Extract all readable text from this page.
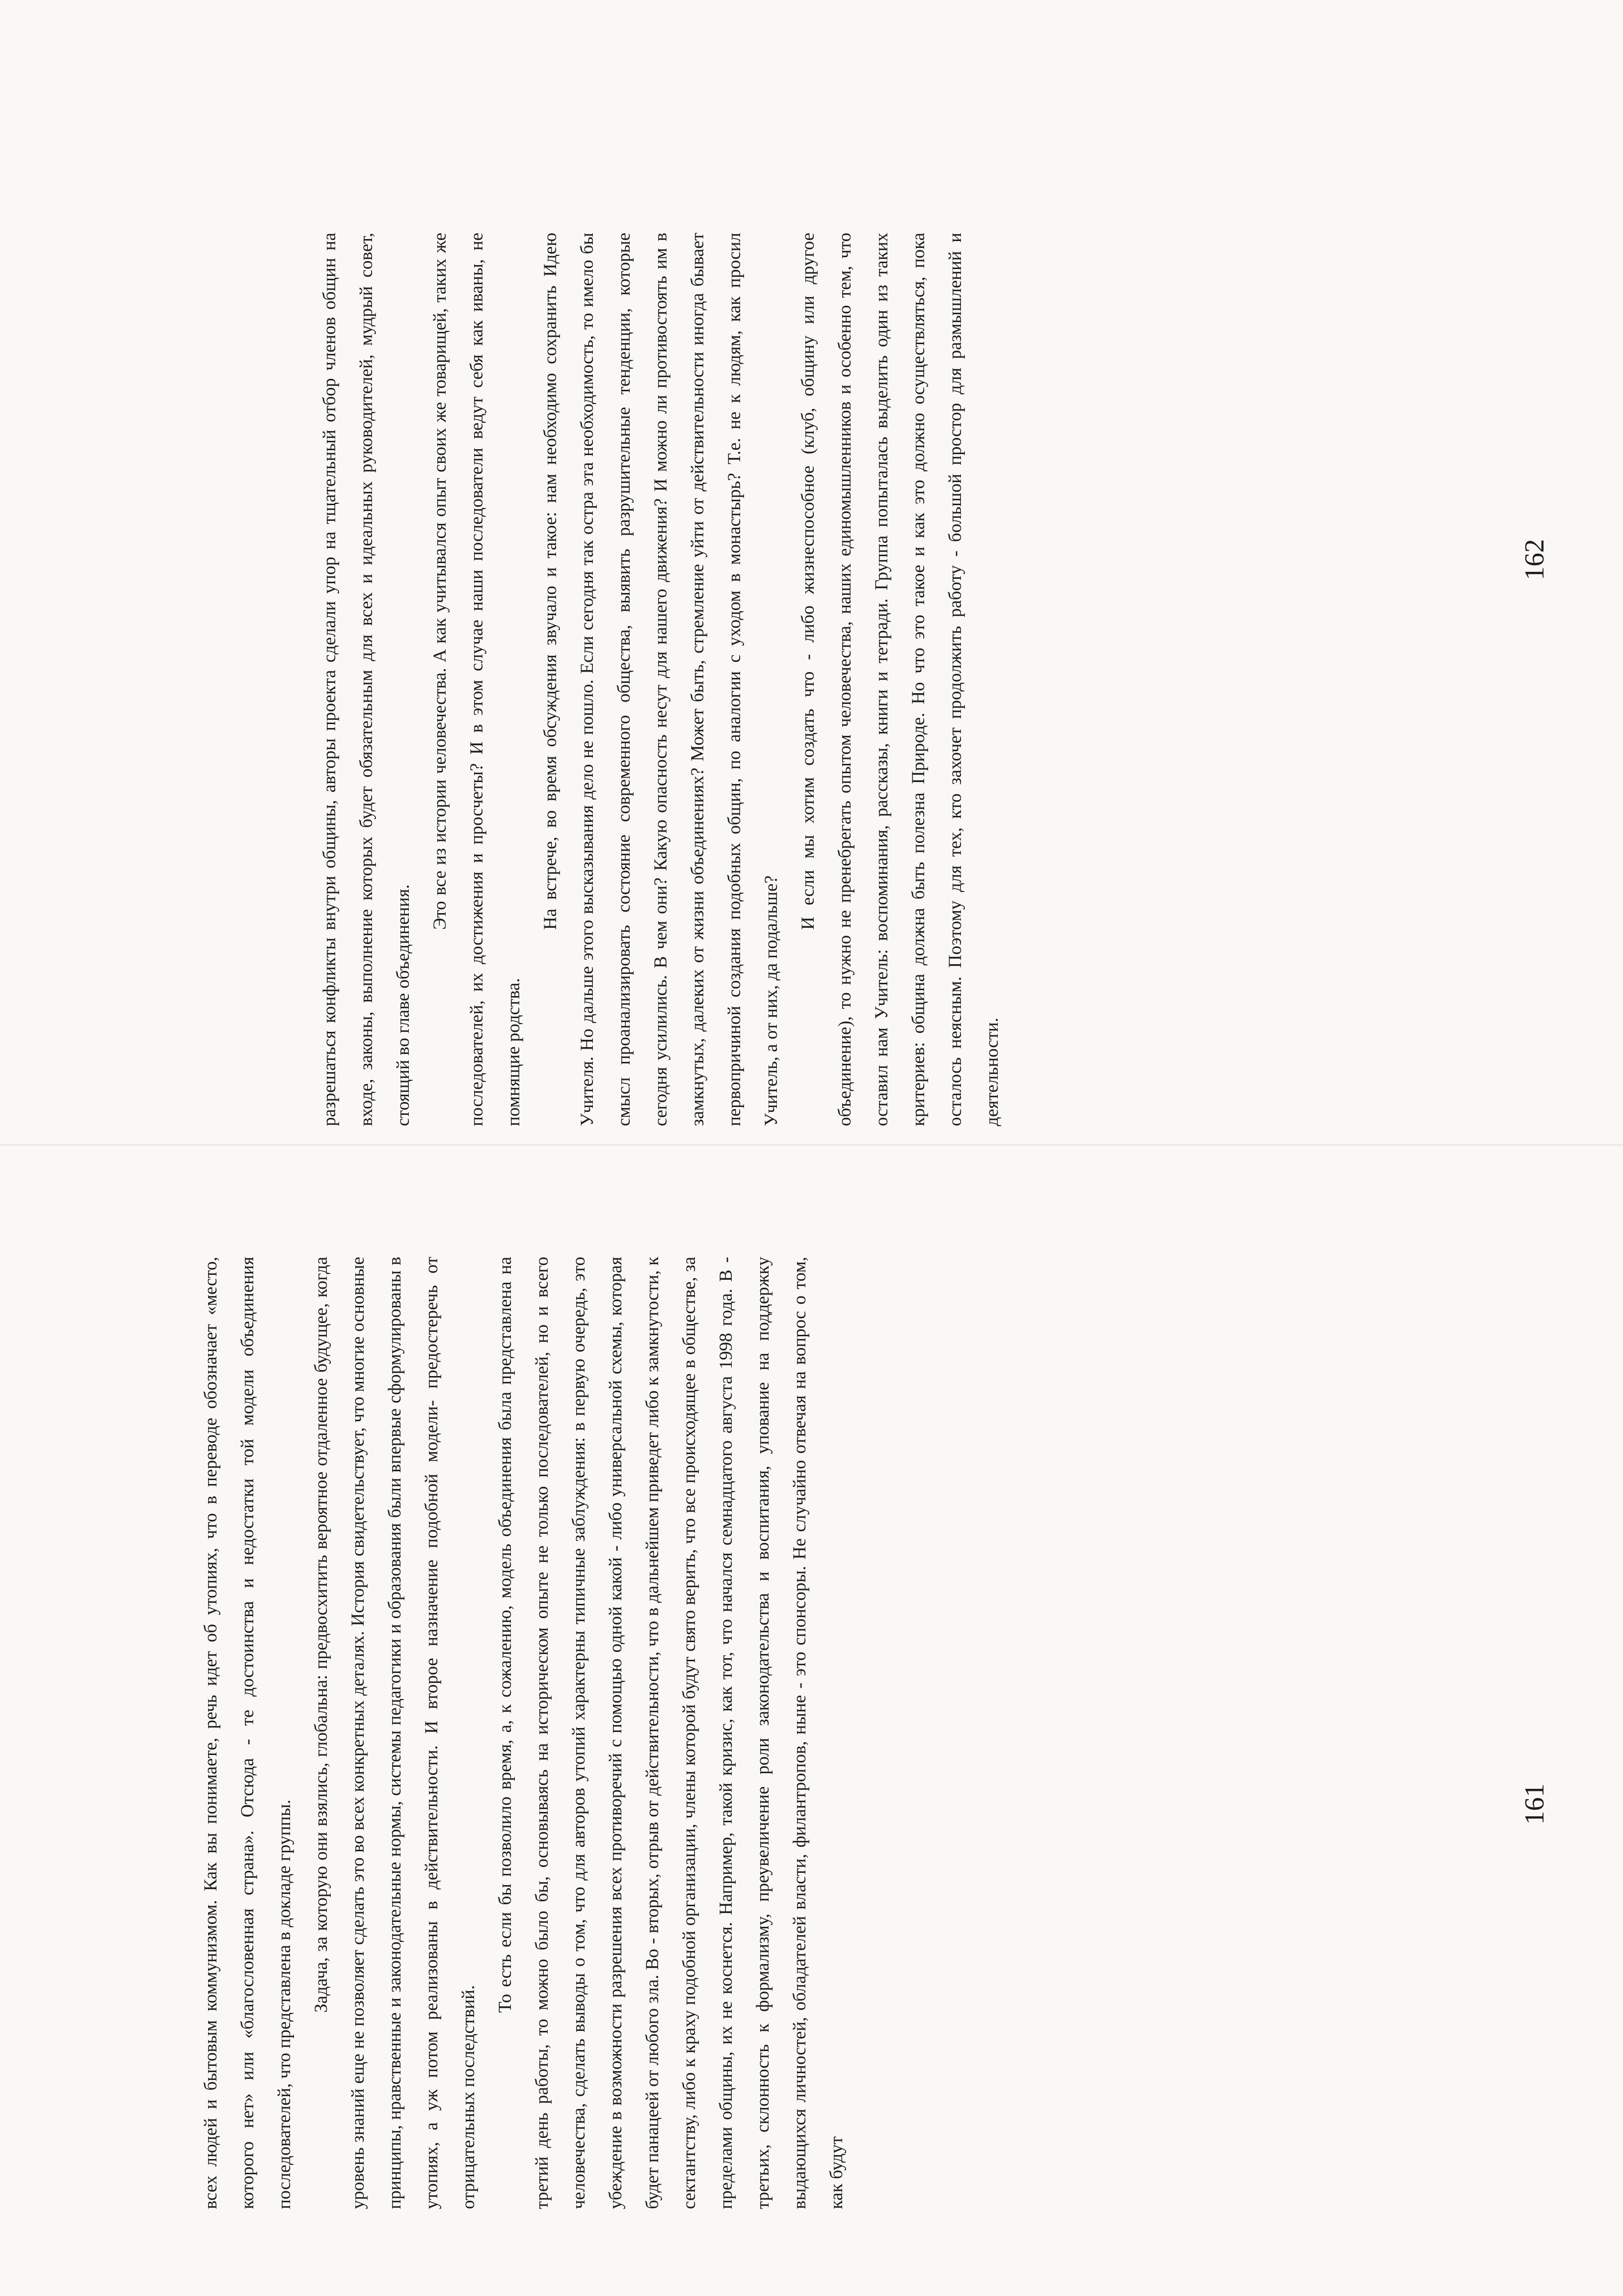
разрешаться конфликты внутри общины, авторы проекта сделали упор на тщательный отбор членов общин на входе, законы, выполнение которых будет обязательным для всех и идеальных руководителей, мудрый совет, стоящий во главе объединения.

Это все из истории человечества. А как учитывался опыт своих же товарищей, таких же последователей, их достижения и просчеты? И в этом случае наши последователи ведут себя как иваны, не помнящие родства.

На встрече, во время обсуждения звучало и такое: нам необходимо сохранить Идею Учителя. Но дальше этого высказывания дело не пошло. Если сегодня так остра эта необходимость, то имело бы смысл проанализировать состояние современного общества, выявить разрушительные тенденции, которые сегодня усилились. В чем они? Какую опасность несут для нашего движения? И можно ли противостоять им в замкнутых, далеких от жизни объединениях? Может быть, стремление уйти от действительности иногда бывает первопричиной создания подобных общин, по аналогии с уходом в монастырь? Т.е. не к людям, как просил Учитель, а от них, да подальше?

И если мы хотим создать что - либо жизнеспособное (клуб, общину или другое объединение), то нужно не пренебрегать опытом человечества, наших единомышленников и особенно тем, что оставил нам Учитель: воспоминания, рассказы, книги и тетради. Группа попыталась выделить один из таких критериев: община должна быть полезна Природе. Но что это такое и как это должно осуществляться, пока осталось неясным. Поэтому для тех, кто захочет продолжить работу - большой простор для размышлений и деятельности.

162

всех людей и бытовым коммунизмом. Как вы понимаете, речь идет об утопиях, что в переводе обозначает «место, которого нет» или «благословенная страна». Отсюда - те достоинства и недостатки той модели объединения последователей, что представлена в докладе группы. Задача, за которую они взялись, глобальна: предвосхитить вероятное отдаленное будущее, когда уровень знаний еще не позволяет сделать это во всех конкретных деталях. История свидетельствует, что многие основные принципы, нравственные и законодательные нормы, системы педагогики и образования были впервые сформулированы в утопиях, а уж потом реализованы в действительности. И второе назначение подобной модели- предостеречь от отрицательных последствий.

То есть если бы позволило время, а, к сожалению, модель объединения была представлена на третий день работы, то можно было бы, основываясь на историческом опыте не только последователей, но и всего человечества, сделать выводы о том, что для авторов утопий характерны типичные заблуждения: в первую очередь, это убеждение в возможности разрешения всех противоречий с помощью одной какой - либо универсальной схемы, которая будет панацеей от любого зла. Во - вторых, отрыв от действительности, что в дальнейшем приведет либо к замкнутости, к сектантству, либо к краху подобной организации, члены которой будут свято верить, что все происходящее в обществе, за пределами общины, их не коснется. Например, такой кризис, как тот, что начался семнадцатого августа 1998 года. В - третьих, склонность к формализму, преувеличение роли законодательства и воспитания, упование на поддержку выдающихся личностей, обладателей власти, филантропов, ныне - это спонсоры. Не случайно отвечая на вопрос о том, как будут

161
